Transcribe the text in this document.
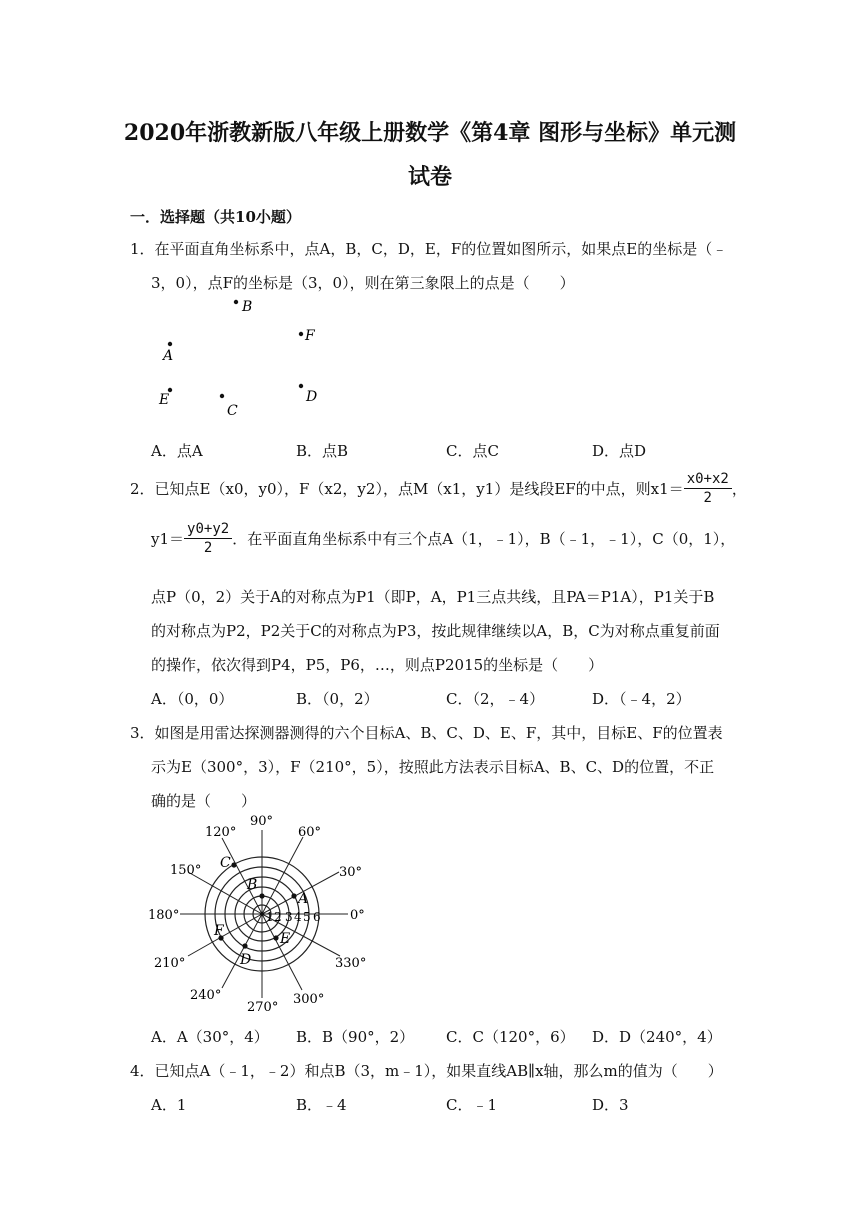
2020年浙教新版八年级上册数学《第4章 图形与坐标》单元测
试卷
一．选择题（共10小题）
1．在平面直角坐标系中，点A，B，C，D，E，F的位置如图所示，如果点E的坐标是（﹣
3，0），点F的坐标是（3，0），则在第三象限上的点是（　　）
B
F
A
E
C
D
A．点A	B．点B	C．点C	D．点D
2．已知点E（x0，y0），F（x2，y2），点M（x1，y1）是线段EF的中点，则$x1= \frac{x0+x2}{2}$ ，
$y1= \frac{y0+y2}{2}$ ．在平面直角坐标系中有三个点A（1，﹣1），B（﹣1，﹣1），C（0，1），
点P（0，2）关于A的对称点为P1（即P，A，P1三点共线，且PA＝P1A），P1关于B
的对称点为P2，P2关于C的对称点为P3，按此规律继续以A，B，C为对称点重复前面
的操作，依次得到P4，P5，P6，…，则点P2015的坐标是（　　）
A．（0，0）	B．（0，2）	C．（2，﹣4）	D．（﹣4，2）
3．如图是用雷达探测器测得的六个目标A、B、C、D、E、F，其中，目标E、F的位置表
示为E（300°，3），F（210°，5），按照此方法表示目标A、B、C、D的位置，不正
确的是（　　）
90°
60°
120°
30°
150°
0°
180°
330°
210°
300°
240°
270°
1 2 3 4 5 6
A
B
C
D
E
F
A．A（30°，4） B．B（90°，2） C．C（120°，6） D．D（240°，4）
4．已知点A（﹣1，﹣2）和点B（3，m﹣1），如果直线AB∥x轴，那么m的值为（　　）
A．1	B．﹣4	C．﹣1	D．3
